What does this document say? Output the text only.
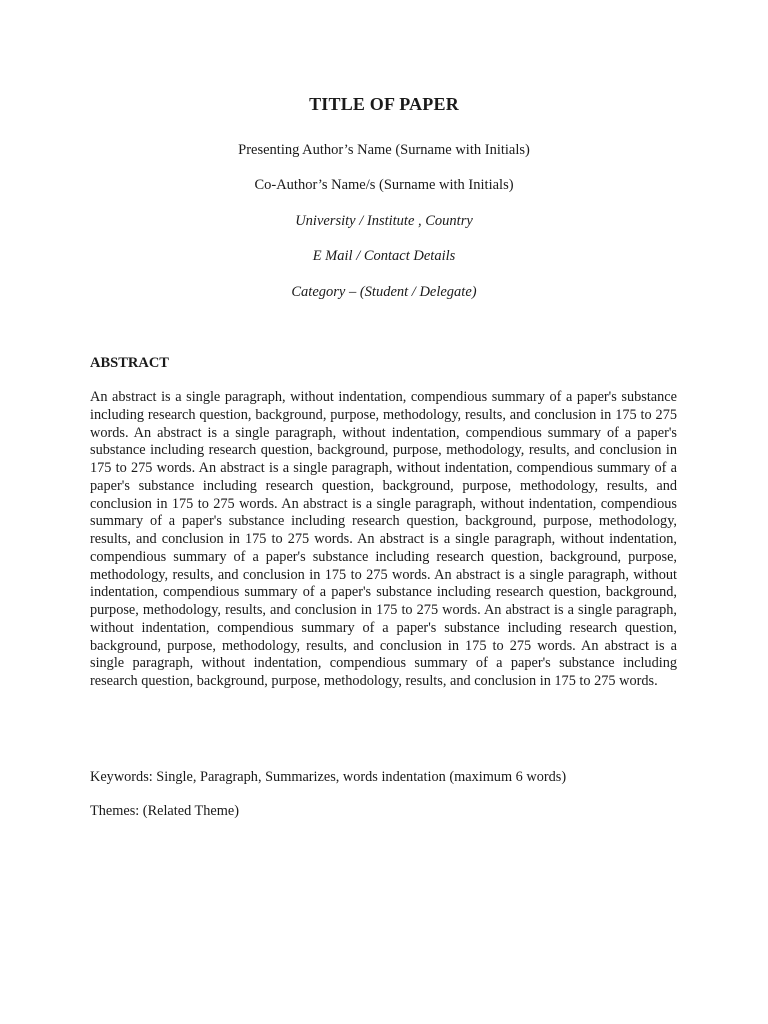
TITLE OF PAPER
Presenting Author’s Name (Surname with Initials)
Co-Author’s Name/s (Surname with Initials)
University / Institute , Country
E Mail / Contact Details
Category – (Student / Delegate)
ABSTRACT

An abstract is a single paragraph, without indentation, compendious summary of a paper's substance including research question, background, purpose, methodology, results, and conclusion in 175 to 275 words. An abstract is a single paragraph, without indentation, compendious summary of a paper's substance including research question, background, purpose, methodology, results, and conclusion in 175 to 275 words. An abstract is a single paragraph, without indentation, compendious summary of a paper's substance including research question, background, purpose, methodology, results, and conclusion in 175 to 275 words. An abstract is a single paragraph, without indentation, compendious summary of a paper's substance including research question, background, purpose, methodology, results, and conclusion in 175 to 275 words. An abstract is a single paragraph, without indentation, compendious summary of a paper's substance including research question, background, purpose, methodology, results, and conclusion in 175 to 275 words. An abstract is a single paragraph, without indentation, compendious summary of a paper's substance including research question, background, purpose, methodology, results, and conclusion in 175 to 275 words. An abstract is a single paragraph, without indentation, compendious summary of a paper's substance including research question, background, purpose, methodology, results, and conclusion in 175 to 275 words. An abstract is a single paragraph, without indentation, compendious summary of a paper's substance including research question, background, purpose, methodology, results, and conclusion in 175 to 275 words.

Keywords: Single, Paragraph, Summarizes, words indentation (maximum 6 words)
Themes: (Related Theme)
